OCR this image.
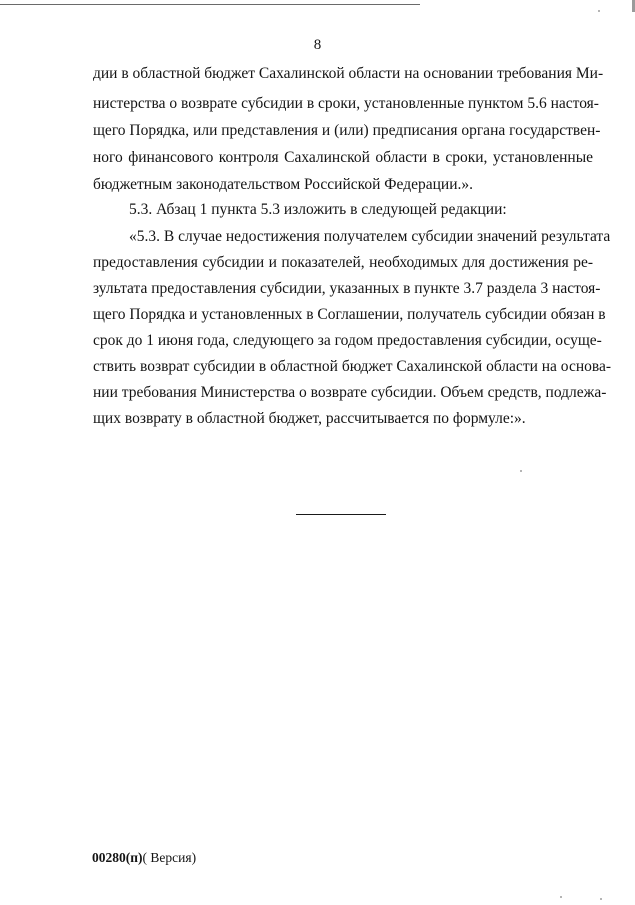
8
дии в областной бюджет Сахалинской области на основании требования Ми-
нистерства о возврате субсидии в сроки, установленные пунктом 5.6 настоя-
щего Порядка, или представления и (или) предписания органа государствен-
ного финансового контроля Сахалинской области в сроки, установленные
бюджетным законодательством Российской Федерации.».
5.3. Абзац 1 пункта 5.3 изложить в следующей редакции:
«5.3. В случае недостижения получателем субсидии значений результата
предоставления субсидии и показателей, необходимых для достижения ре-
зультата предоставления субсидии, указанных в пункте 3.7 раздела 3 настоя-
щего Порядка и установленных в Соглашении, получатель субсидии обязан в
срок до 1 июня года, следующего за годом предоставления субсидии, осуще-
ствить возврат субсидии в областной бюджет Сахалинской области на основа-
нии требования Министерства о возврате субсидии. Объем средств, подлежа-
щих возврату в областной бюджет, рассчитывается по формуле:».
00280(п)( Версия)
